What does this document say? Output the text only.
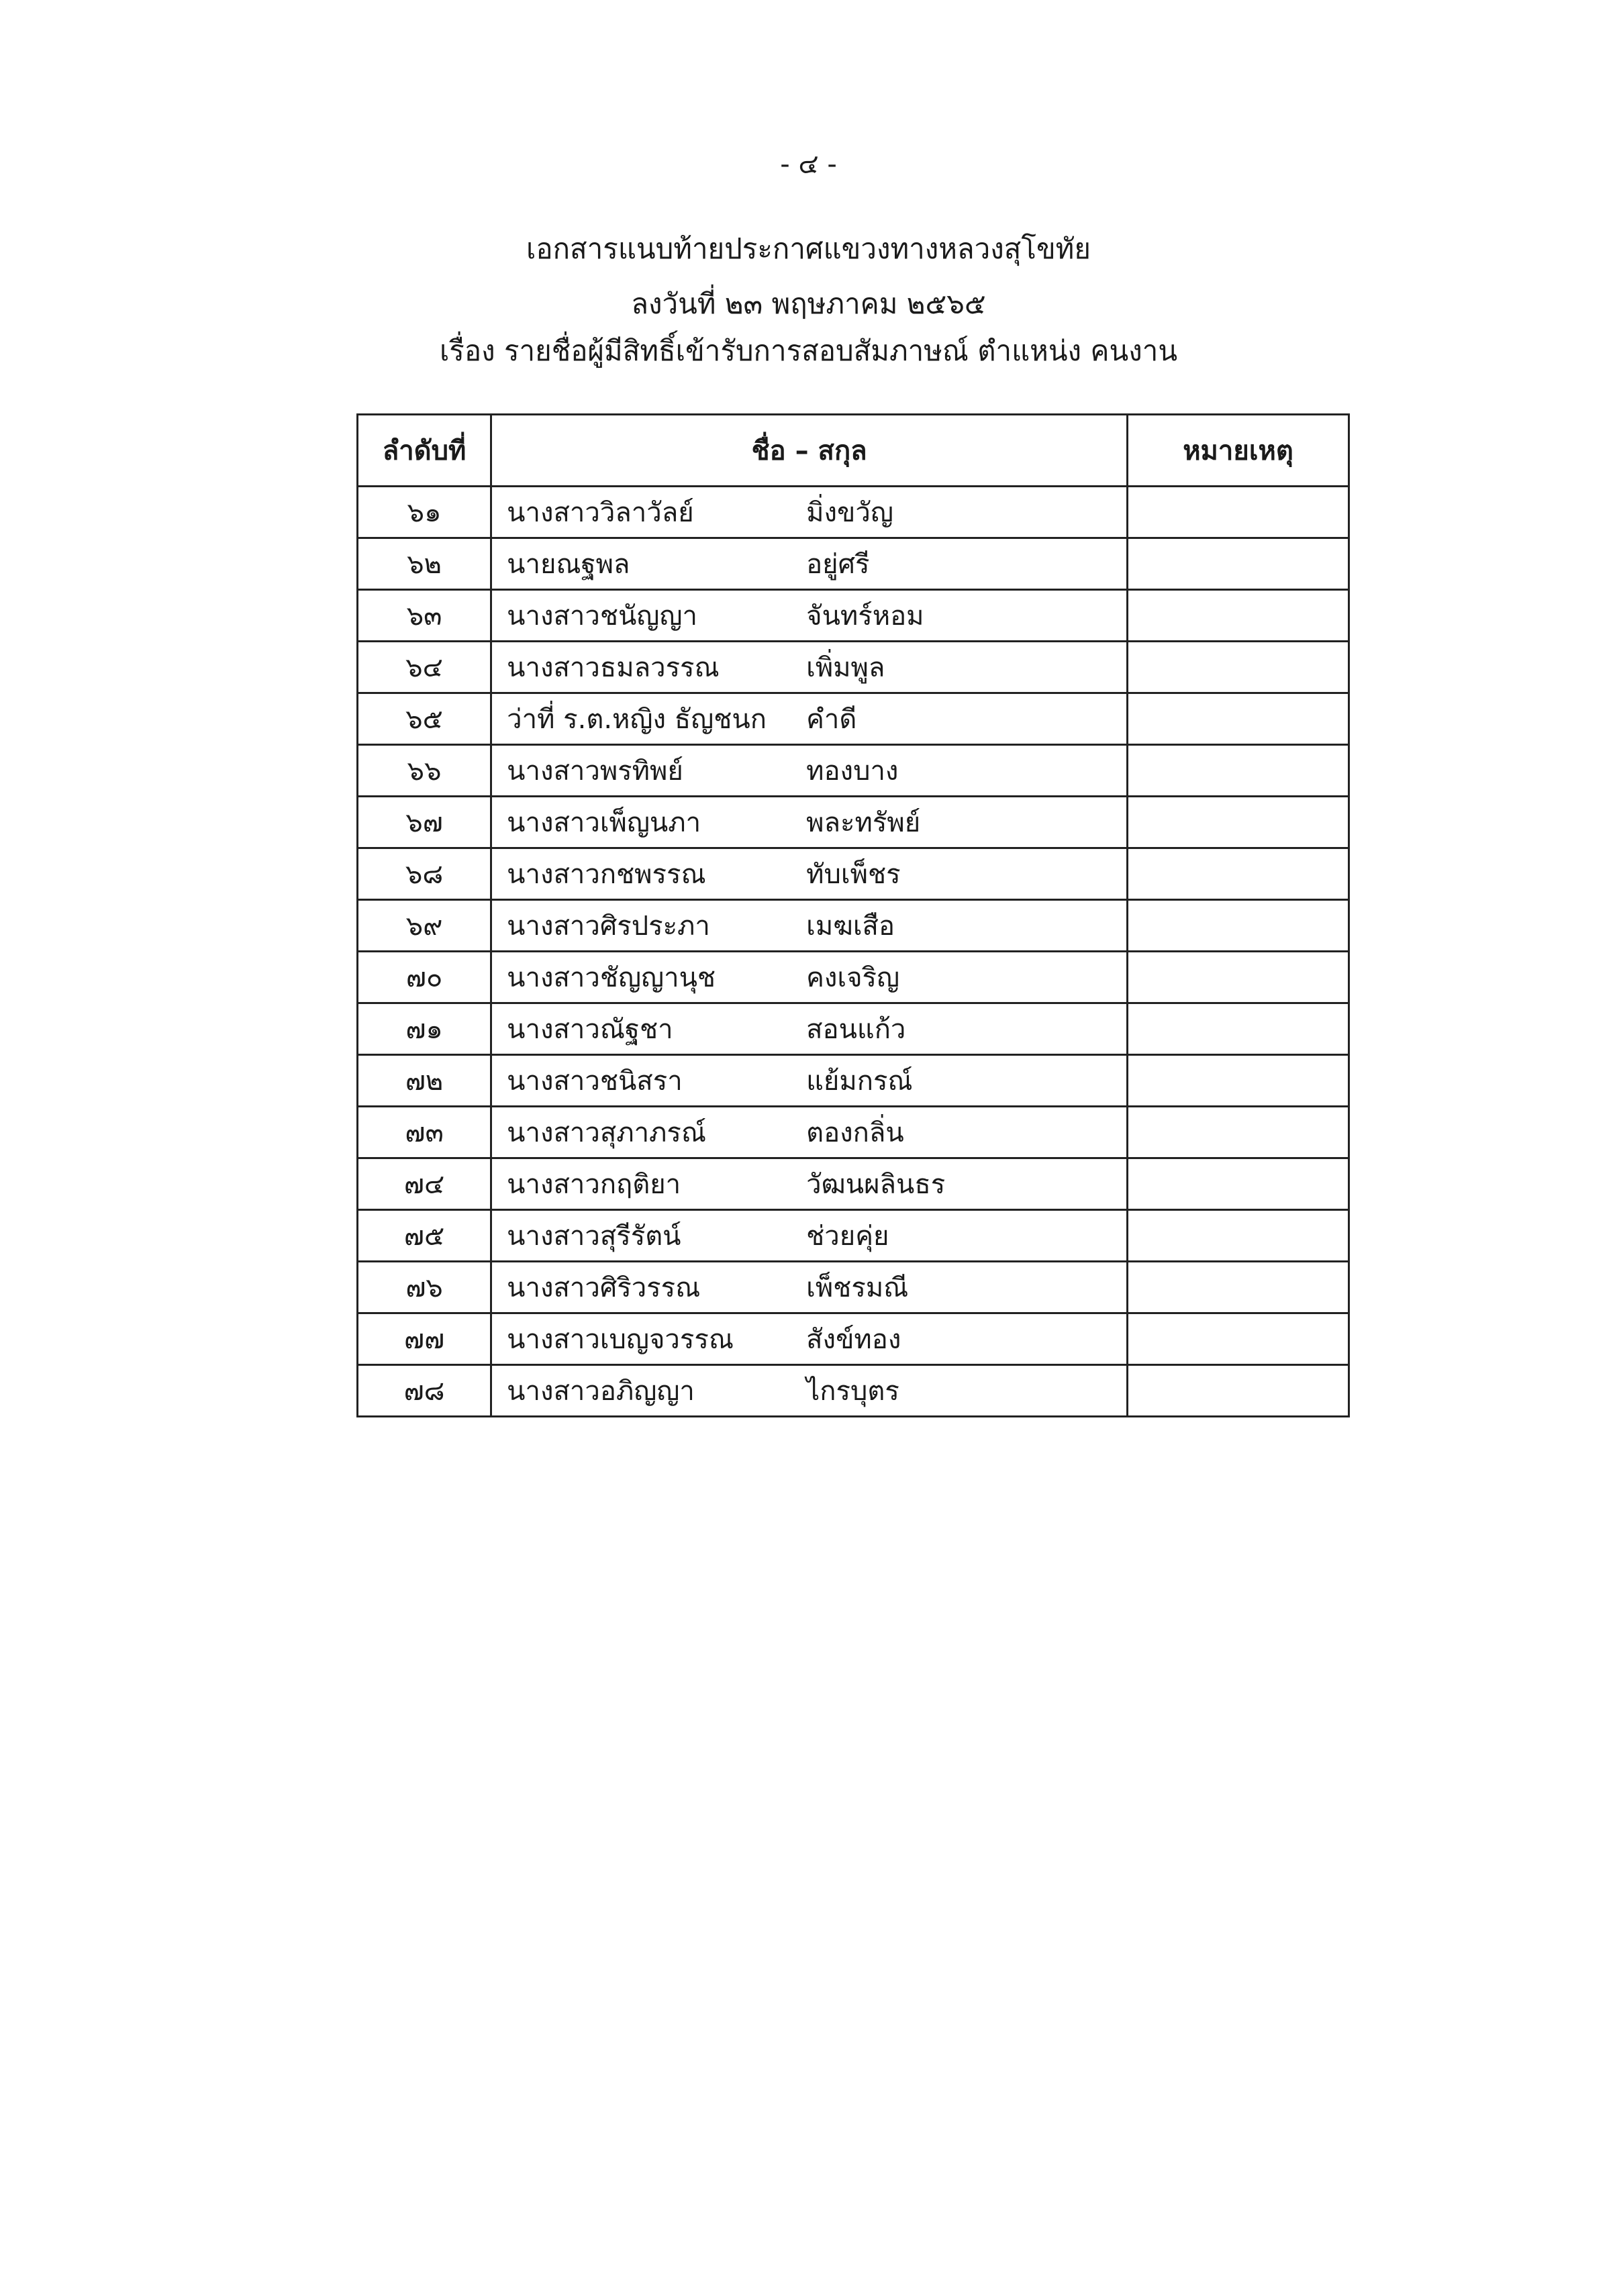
- ๔ -
เอกสารแนบท้ายประกาศแขวงทางหลวงสุโขทัย
ลงวันที่ ๒๓ พฤษภาคม ๒๕๖๕
เรื่อง รายชื่อผู้มีสิทธิ์เข้ารับการสอบสัมภาษณ์ ตำแหน่ง คนงาน
ลำดับที่	ชื่อ – สกุล	หมายเหตุ
๖๑	นางสาววิลาวัลย์ มิ่งขวัญ	

๖๒	นายณฐพล อยู่ศรี	

๖๓	นางสาวชนัญญา จันทร์หอม	

๖๔	นางสาวธมลวรรณ เพิ่มพูล	

๖๕	ว่าที่ ร.ต.หญิง ธัญชนก คำดี	

๖๖	นางสาวพรทิพย์ ทองบาง	

๖๗	นางสาวเพ็ญนภา พละทรัพย์	

๖๘	นางสาวกชพรรณ ทับเพ็ชร	

๖๙	นางสาวศิรประภา เมฆเสือ	

๗๐	นางสาวชัญญานุช คงเจริญ	

๗๑	นางสาวณัฐชา สอนแก้ว	

๗๒	นางสาวชนิสรา แย้มกรณ์	

๗๓	นางสาวสุภาภรณ์ ตองกลิ่น	

๗๔	นางสาวกฤติยา วัฒนผลินธร	

๗๕	นางสาวสุรีรัตน์ ช่วยคุ่ย	

๗๖	นางสาวศิริวรรณ เพ็ชรมณี	

๗๗	นางสาวเบญจวรรณ สังข์ทอง	

๗๘	นางสาวอภิญญา ไกรบุตร	
